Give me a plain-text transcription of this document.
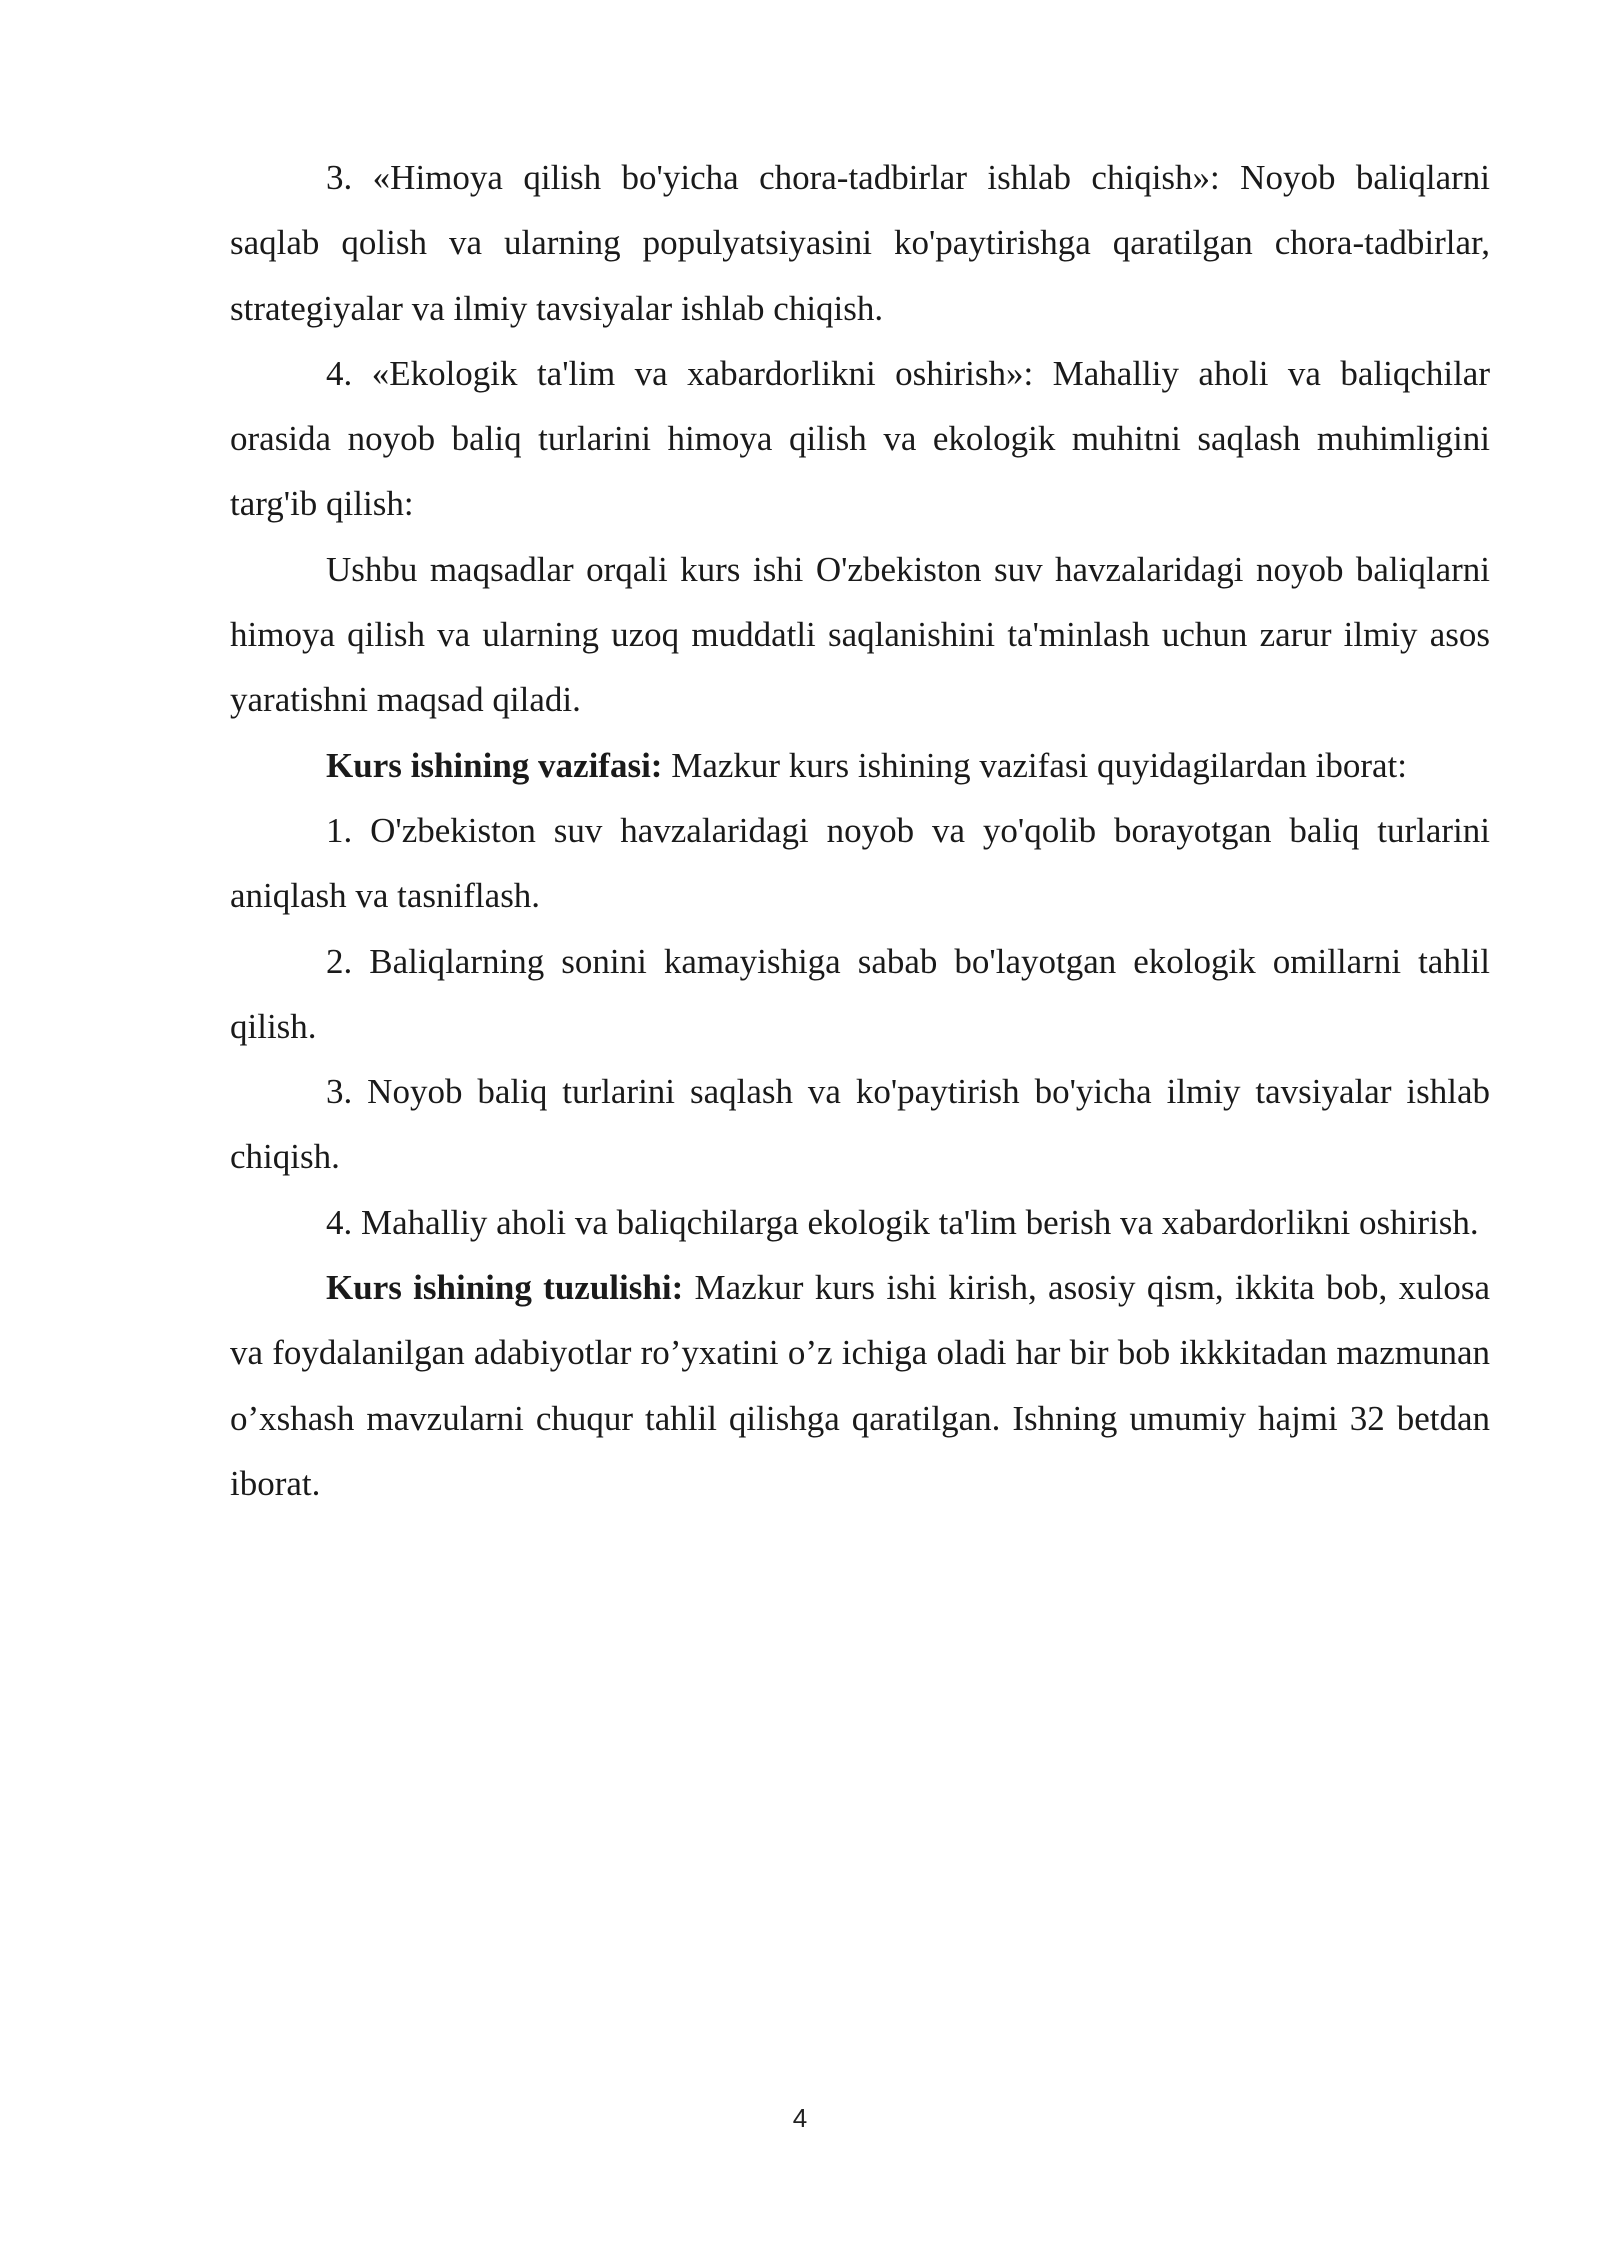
3. «Himoya qilish bo'yicha chora-tadbirlar ishlab chiqish»: Noyob baliqlarni saqlab qolish va ularning populyatsiyasini ko'paytirishga qaratilgan chora-tadbirlar, strategiyalar va ilmiy tavsiyalar ishlab chiqish.

4. «Ekologik ta'lim va xabardorlikni oshirish»: Mahalliy aholi va baliqchilar orasida noyob baliq turlarini himoya qilish va ekologik muhitni saqlash muhimligini targ'ib qilish:

Ushbu maqsadlar orqali kurs ishi O'zbekiston suv havzalaridagi noyob baliqlarni himoya qilish va ularning uzoq muddatli saqlanishini ta'minlash uchun zarur ilmiy asos yaratishni maqsad qiladi.

Kurs ishining vazifasi: Mazkur kurs ishining vazifasi quyidagilardan iborat:

1. O'zbekiston suv havzalaridagi noyob va yo'qolib borayotgan baliq turlarini aniqlash va tasniflash.

2. Baliqlarning sonini kamayishiga sabab bo'layotgan ekologik omillarni tahlil qilish.

3. Noyob baliq turlarini saqlash va ko'paytirish bo'yicha ilmiy tavsiyalar ishlab chiqish.

4. Mahalliy aholi va baliqchilarga ekologik ta'lim berish va xabardorlikni oshirish.

Kurs ishining tuzulishi: Mazkur kurs ishi kirish, asosiy qism, ikkita bob, xulosa va foydalanilgan adabiyotlar ro’yxatini o’z ichiga oladi har bir bob ikkkitadan mazmunan o’xshash mavzularni chuqur tahlil qilishga qaratilgan. Ishning umumiy hajmi 32 betdan iborat.

4
